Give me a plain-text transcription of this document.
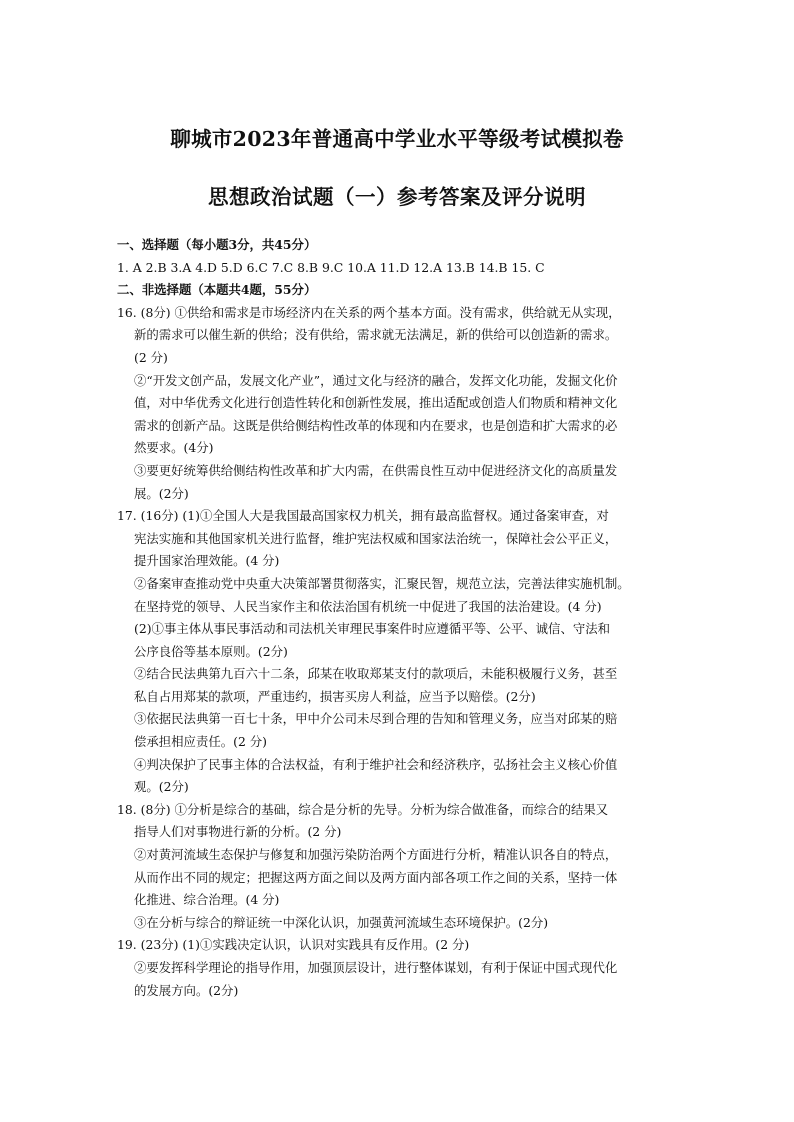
聊城市2023年普通高中学业水平等级考试模拟卷
思想政治试题（一）参考答案及评分说明
一、选择题（每小题3分，共45分）
1. A 2.B 3.A 4.D 5.D 6.C 7.C 8.B 9.C 10.A 11.D 12.A 13.B 14.B 15. C
二、非选择题（本题共4题，55分）
16. (8分) ①供给和需求是市场经济内在关系的两个基本方面。没有需求，供给就无从实现，
新的需求可以催生新的供给；没有供给，需求就无法满足，新的供给可以创造新的需求。
(2 分)
②“开发文创产品，发展文化产业”，通过文化与经济的融合，发挥文化功能，发掘文化价
值，对中华优秀文化进行创造性转化和创新性发展，推出适配或创造人们物质和精神文化
需求的创新产品。这既是供给侧结构性改革的体现和内在要求，也是创造和扩大需求的必
然要求。(4分)
③要更好统筹供给侧结构性改革和扩大内需，在供需良性互动中促进经济文化的高质量发
展。(2分)
17. (16分) (1)①全国人大是我国最高国家权力机关，拥有最高监督权。通过备案审查，对
宪法实施和其他国家机关进行监督，维护宪法权威和国家法治统一，保障社会公平正义，
提升国家治理效能。(4 分)
②备案审查推动党中央重大决策部署贯彻落实，汇聚民智，规范立法，完善法律实施机制。
在坚持党的领导、人民当家作主和依法治国有机统一中促进了我国的法治建设。(4 分)
(2)①事主体从事民事活动和司法机关审理民事案件时应遵循平等、公平、诚信、守法和
公序良俗等基本原则。(2分)
②结合民法典第九百六十二条，邱某在收取郑某支付的款项后，未能积极履行义务，甚至
私自占用郑某的款项，严重违约，损害买房人利益，应当予以赔偿。(2分)
③依据民法典第一百七十条，甲中介公司未尽到合理的告知和管理义务，应当对邱某的赔
偿承担相应责任。(2 分)
④判决保护了民事主体的合法权益，有利于维护社会和经济秩序，弘扬社会主义核心价值
观。(2分)
18. (8分) ①分析是综合的基础，综合是分析的先导。分析为综合做准备，而综合的结果又
指导人们对事物进行新的分析。(2 分)
②对黄河流域生态保护与修复和加强污染防治两个方面进行分析，精准认识各自的特点，
从而作出不同的规定；把握这两方面之间以及两方面内部各项工作之间的关系，坚持一体
化推进、综合治理。(4 分)
③在分析与综合的辩证统一中深化认识，加强黄河流域生态环境保护。(2分)
19. (23分) (1)①实践决定认识，认识对实践具有反作用。(2 分)
②要发挥科学理论的指导作用，加强顶层设计，进行整体谋划，有利于保证中国式现代化
的发展方向。(2分)
